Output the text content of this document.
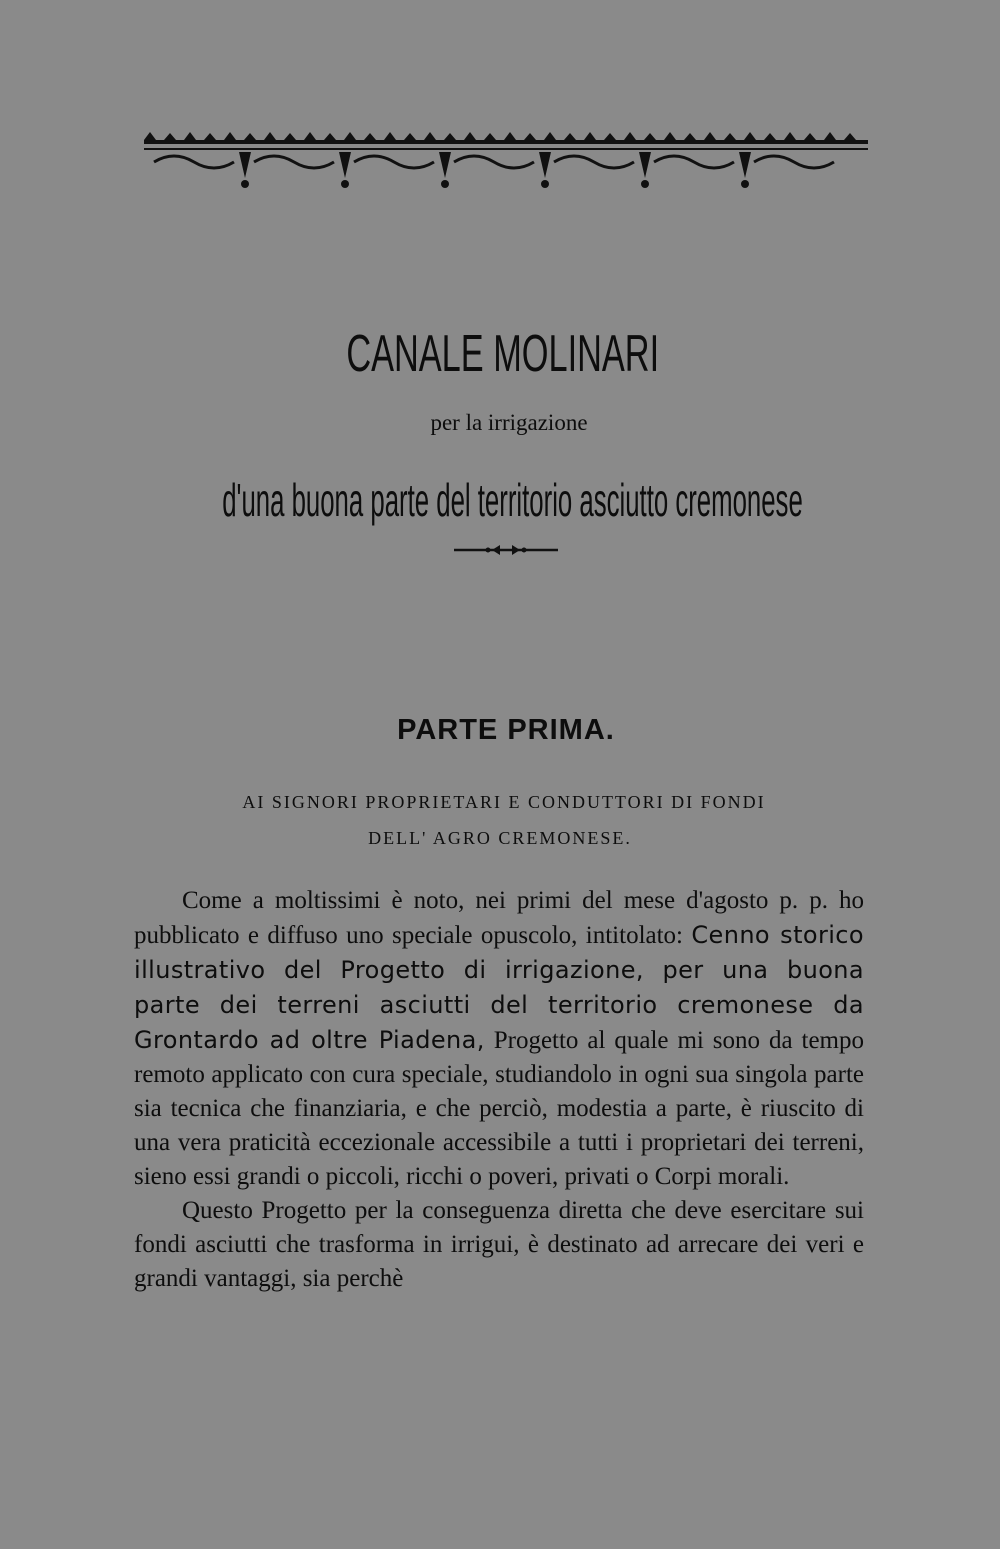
CANALE MOLINARI
per la irrigazione
d'una buona parte del territorio asciutto cremonese
PARTE PRIMA.
AI SIGNORI PROPRIETARI E CONDUTTORI DI FONDI
DELL' AGRO CREMONESE.

Come a moltissimi è noto, nei primi del mese d'agosto p. p. ho pubblicato e diffuso uno speciale opuscolo, intitolato: Cenno storico illustrativo del Progetto di irrigazione, per una buona parte dei terreni asciutti del territorio cremonese da Grontardo ad oltre Piadena, Progetto al quale mi sono da tempo remoto applicato con cura speciale, studiandolo in ogni sua singola parte sia tecnica che finanziaria, e che perciò, modestia a parte, è riuscito di una vera praticità eccezionale accessibile a tutti i proprietari dei terreni, sieno essi grandi o piccoli, ricchi o poveri, privati o Corpi morali.

Questo Progetto per la conseguenza diretta che deve esercitare sui fondi asciutti che trasforma in irrigui, è destinato ad arrecare dei veri e grandi vantaggi, sia perchè
